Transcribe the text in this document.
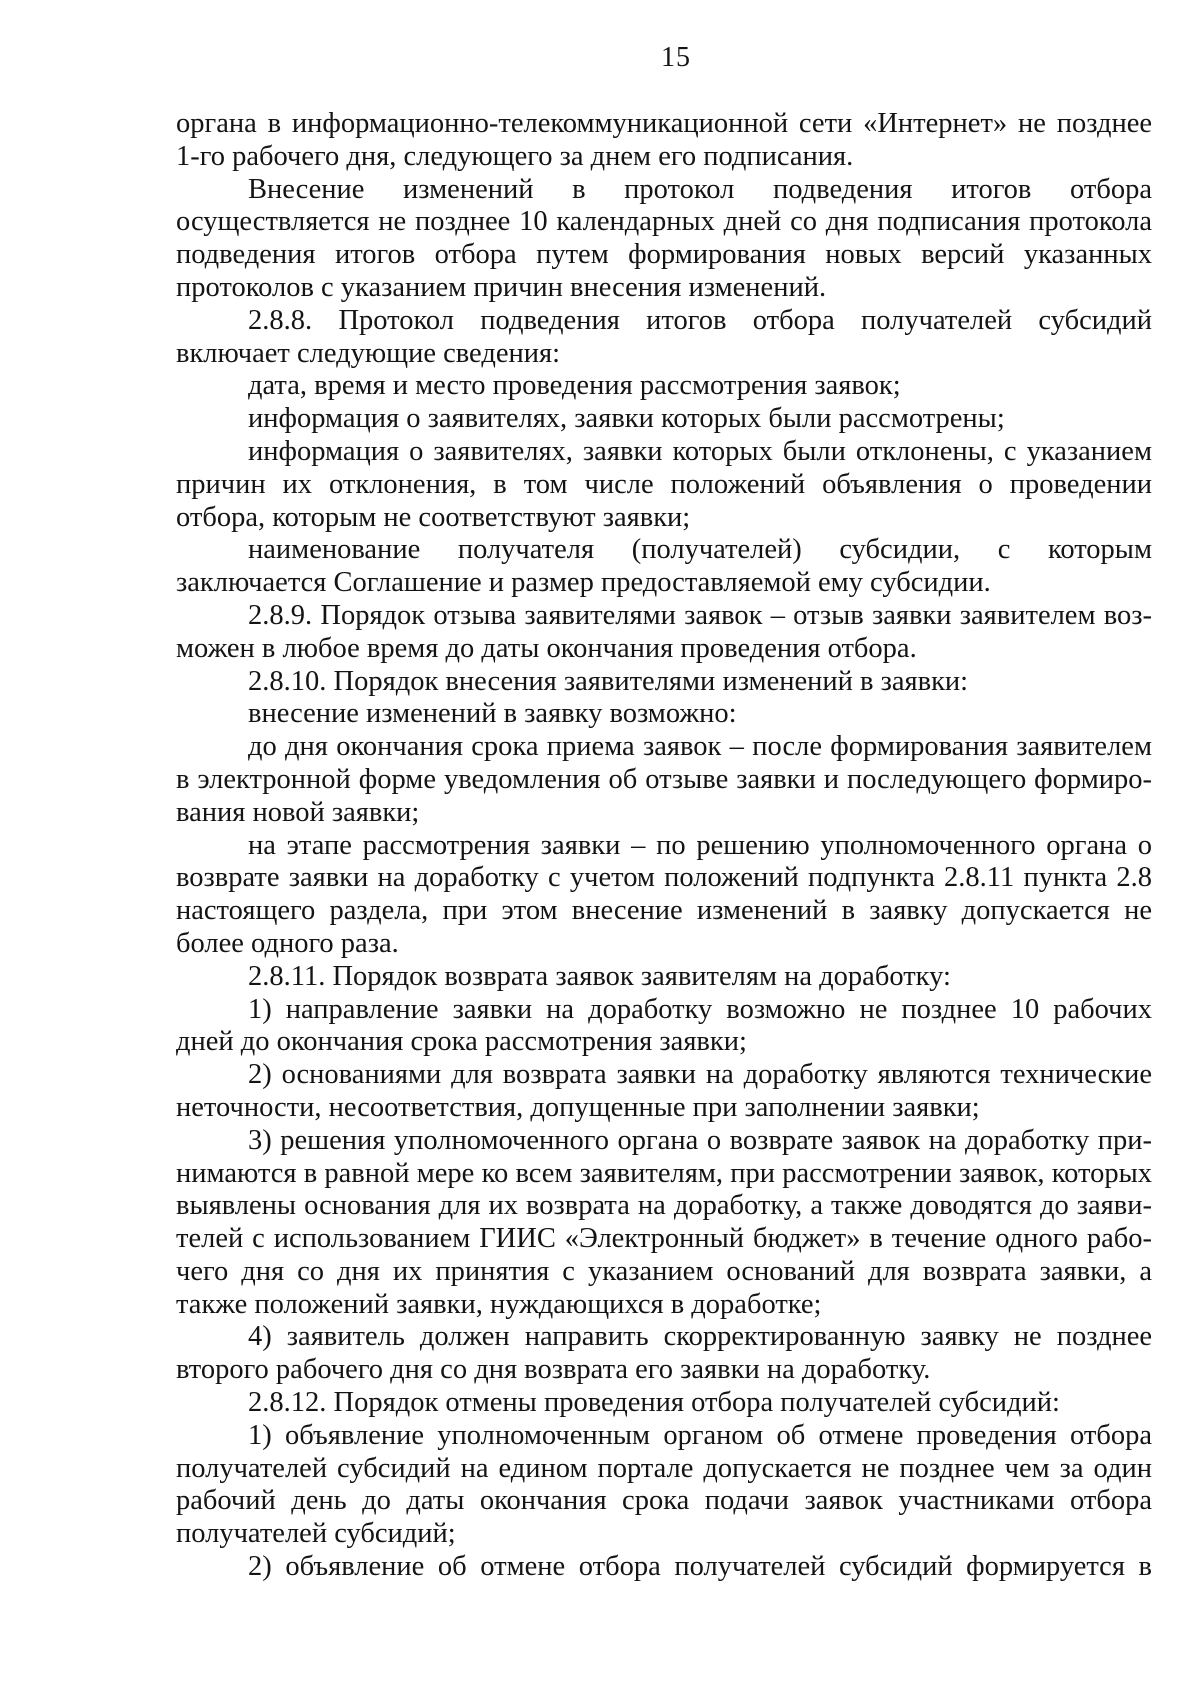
15

органа в информационно-телекоммуникационной сети «Интернет» не позднее 1-го рабочего дня, следующего за днем его подписания.

Внесение изменений в протокол подведения итогов отбора осуществляется не позднее 10 календарных дней со дня подписания протокола подведения итогов отбора путем формирования новых версий указанных протоколов с указанием причин внесения изменений.

2.8.8. Протокол подведения итогов отбора получателей субсидий включает следующие сведения:

дата, время и место проведения рассмотрения заявок;

информация о заявителях, заявки которых были рассмотрены;

информация о заявителях, заявки которых были отклонены, с указанием причин их отклонения, в том числе положений объявления о проведении отбора, которым не соответствуют заявки;

наименование получателя (получателей) субсидии, с которым заключается Соглашение и размер предоставляемой ему субсидии.

2.8.9. Порядок отзыва заявителями заявок – отзыв заявки заявителем возможен в любое время до даты окончания проведения отбора.

2.8.10. Порядок внесения заявителями изменений в заявки:

внесение изменений в заявку возможно:

до дня окончания срока приема заявок – после формирования заявителем в электронной форме уведомления об отзыве заявки и последующего формирования новой заявки;

на этапе рассмотрения заявки – по решению уполномоченного органа о возврате заявки на доработку с учетом положений подпункта 2.8.11 пункта 2.8 настоящего раздела, при этом внесение изменений в заявку допускается не более одного раза.

2.8.11. Порядок возврата заявок заявителям на доработку:

1) направление заявки на доработку возможно не позднее 10 рабочих дней до окончания срока рассмотрения заявки;

2) основаниями для возврата заявки на доработку являются технические неточности, несоответствия, допущенные при заполнении заявки;

3) решения уполномоченного органа о возврате заявок на доработку принимаются в равной мере ко всем заявителям, при рассмотрении заявок, которых выявлены основания для их возврата на доработку, а также доводятся до заявителей с использованием ГИИС «Электронный бюджет» в течение одного рабочего дня со дня их принятия с указанием оснований для возврата заявки, а также положений заявки, нуждающихся в доработке;

4) заявитель должен направить скорректированную заявку не позднее второго рабочего дня со дня возврата его заявки на доработку.

2.8.12. Порядок отмены проведения отбора получателей субсидий:

1) объявление уполномоченным органом об отмене проведения отбора получателей субсидий на едином портале допускается не позднее чем за один рабочий день до даты окончания срока подачи заявок участниками отбора получателей субсидий;

2) объявление об отмене отбора получателей субсидий формируется в
